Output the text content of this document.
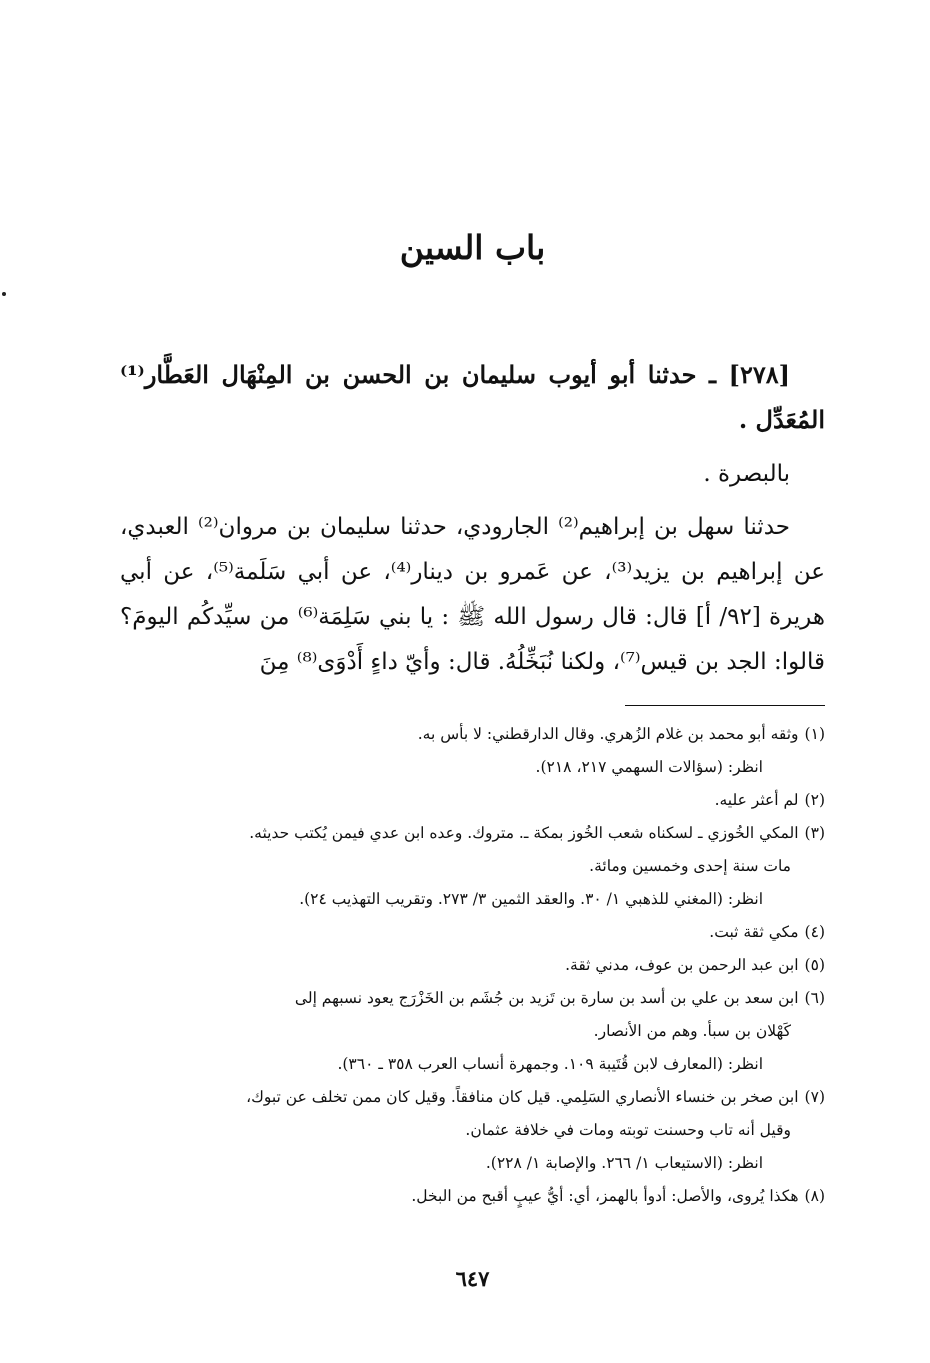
باب السين

[٢٧٨] ـ حدثنا أبو أيوب سليمان بن الحسن بن المِنْهَال العَطَّار⁽¹⁾ المُعَدِّل .

بالبصرة .

حدثنا سهل بن إبراهيم⁽²⁾ الجارودي، حدثنا سليمان بن مروان⁽²⁾ العبدي، عن إبراهيم بن يزيد⁽³⁾، عن عَمرو بن دينار⁽⁴⁾، عن أبي سَلَمة⁽⁵⁾، عن أبي هريرة [٩٢/ أ] قال: قال رسول الله ﷺ : يا بني سَلِمَة⁽⁶⁾ من سيِّدكُم اليومَ؟ قالوا: الجد بن قيس⁽⁷⁾، ولكنا نُبَخِّلُهُ. قال: وأيّ داءٍ أَدْوَى⁽⁸⁾ مِنَ

(١)وثقه أبو محمد بن غلام الزُهري. وقال الدارقطني: لا بأس به.
انظر: (سؤالات السهمي ٢١٧، ٢١٨).
(٢)لم أعثر عليه.
(٣)المكي الخُوزي ـ لسكناه شعب الخُوز بمكة ـ. متروك. وعده ابن عدي فيمن يُكتب حديثه.
مات سنة إحدى وخمسين ومائة.
انظر: (المغني للذهبي ١/ ٣٠. والعقد الثمين ٣/ ٢٧٣. وتقريب التهذيب ٢٤).
(٤)مكي ثقة ثبت.
(٥)ابن عبد الرحمن بن عوف، مدني ثقة.
(٦)ابن سعد بن علي بن أسد بن سارة بن تَزيد بن جُشَم بن الخَزْرَج يعود نسبهم إلى
كَهْلان بن سبأ. وهم من الأنصار.
انظر: (المعارف لابن قُتَيبة ١٠٩. وجمهرة أنساب العرب ٣٥٨ ـ ٣٦٠).
(٧)ابن صخر بن خنساء الأنصاري السَلِمي. قيل كان منافقاً. وقيل كان ممن تخلف عن تبوك،
وقيل أنه تاب وحسنت توبته ومات في خلافة عثمان.
انظر: (الاستيعاب ١/ ٢٦٦. والإصابة ١/ ٢٢٨).
(٨)هكذا يُروى، والأصل: أدوأ بالهمز، أي: أيُّ عيبٍ أقبح من البخل.
٦٤٧
